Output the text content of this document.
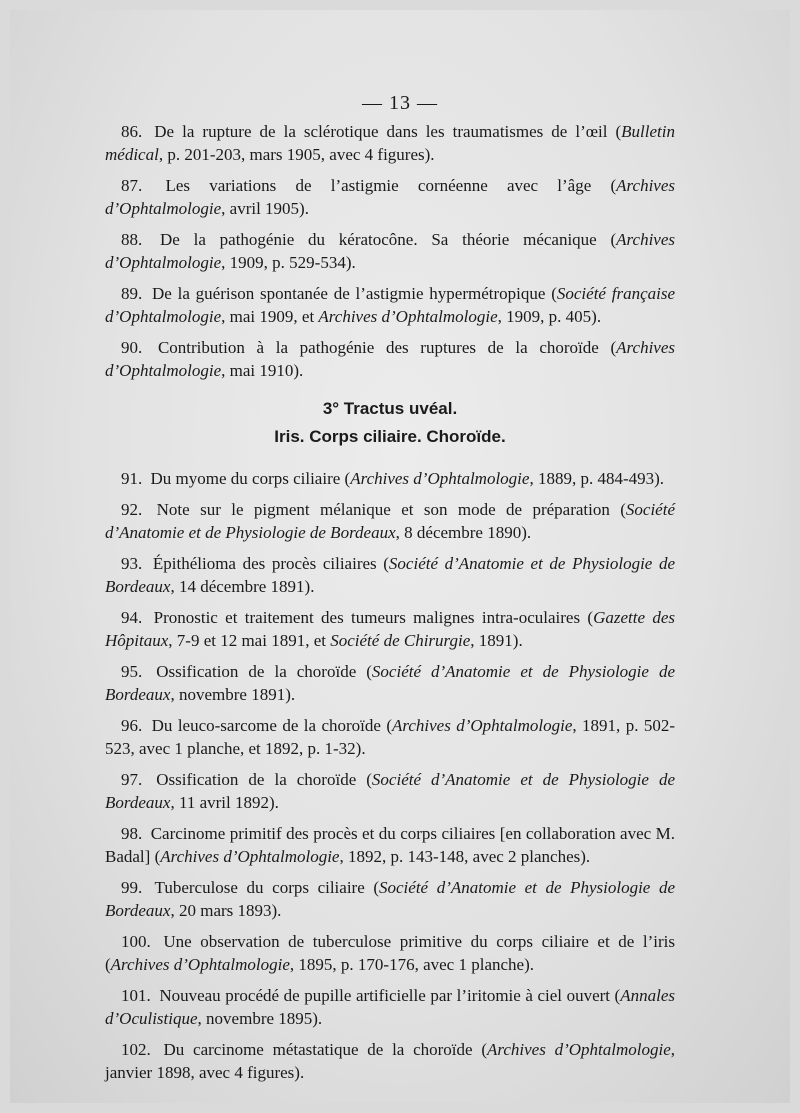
— 13 —

86. De la rupture de la sclérotique dans les traumatismes de l’œil (Bulletin médical, p. 201-203, mars 1905, avec 4 figures).

87. Les variations de l’astigmie cornéenne avec l’âge (Archives d’Ophtalmologie, avril 1905).

88. De la pathogénie du kératocône. Sa théorie mécanique (Archives d’Ophtalmologie, 1909, p. 529-534).

89. De la guérison spontanée de l’astigmie hypermétropique (Société française d’Ophtalmologie, mai 1909, et Archives d’Ophtalmologie, 1909, p. 405).

90. Contribution à la pathogénie des ruptures de la choroïde (Archives d’Ophtalmologie, mai 1910).

3° Tractus uvéal.

Iris. Corps ciliaire. Choroïde.

91. Du myome du corps ciliaire (Archives d’Ophtalmologie, 1889, p. 484-493).

92. Note sur le pigment mélanique et son mode de préparation (Société d’Anatomie et de Physiologie de Bordeaux, 8 décembre 1890).

93. Épithélioma des procès ciliaires (Société d’Anatomie et de Physiologie de Bordeaux, 14 décembre 1891).

94. Pronostic et traitement des tumeurs malignes intra-oculaires (Gazette des Hôpitaux, 7-9 et 12 mai 1891, et Société de Chirurgie, 1891).

95. Ossification de la choroïde (Société d’Anatomie et de Physiologie de Bordeaux, novembre 1891).

96. Du leuco-sarcome de la choroïde (Archives d’Ophtalmologie, 1891, p. 502-523, avec 1 planche, et 1892, p. 1-32).

97. Ossification de la choroïde (Société d’Anatomie et de Physiologie de Bordeaux, 11 avril 1892).

98. Carcinome primitif des procès et du corps ciliaires [en collaboration avec M. Badal] (Archives d’Ophtalmologie, 1892, p. 143-148, avec 2 planches).

99. Tuberculose du corps ciliaire (Société d’Anatomie et de Physiologie de Bordeaux, 20 mars 1893).

100. Une observation de tuberculose primitive du corps ciliaire et de l’iris (Archives d’Ophtalmologie, 1895, p. 170-176, avec 1 planche).

101. Nouveau procédé de pupille artificielle par l’iritomie à ciel ouvert (Annales d’Oculistique, novembre 1895).

102. Du carcinome métastatique de la choroïde (Archives d’Ophtalmologie, janvier 1898, avec 4 figures).
